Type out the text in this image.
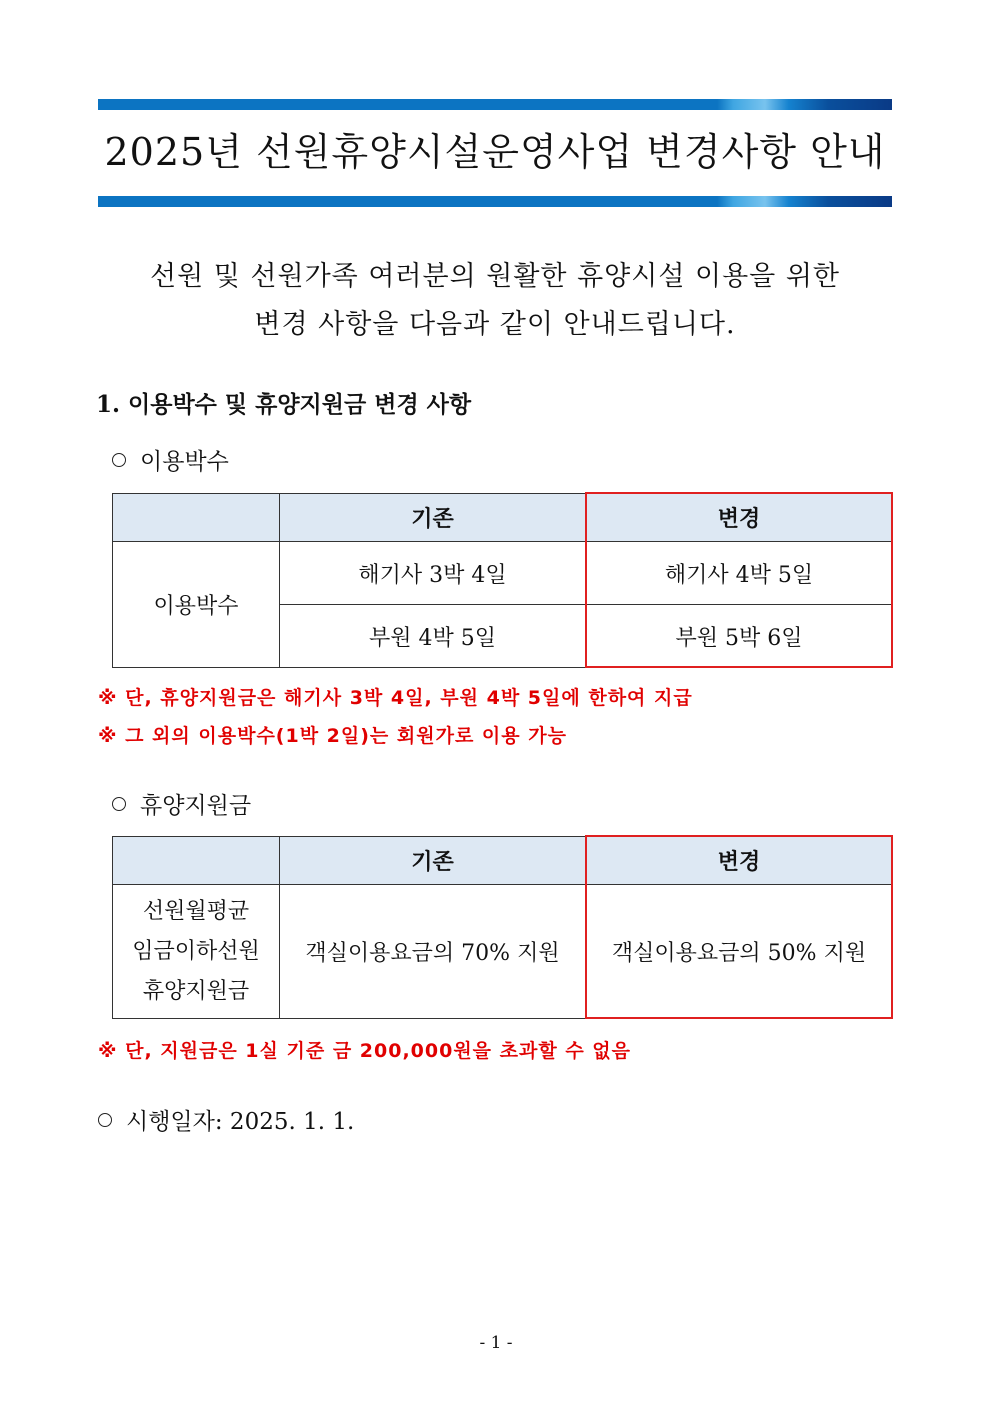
2025년 선원휴양시설운영사업 변경사항 안내
선원 및 선원가족 여러분의 원활한 휴양시설 이용을 위한
변경 사항을 다음과 같이 안내드립니다.
1. 이용박수 및 휴양지원금 변경 사항

이용박수

	기존	변경
이용박수	해기사 3박 4일	해기사 4박 5일
	부원 4박 5일	부원 5박 6일

※ 단, 휴양지원금은 해기사 3박 4일, 부원 4박 5일에 한하여 지급

※ 그 외의 이용박수(1박 2일)는 회원가로 이용 가능

휴양지원금

	기존	변경

선원월평균
임금이하선원
휴양지원금	객실이용요금의 70% 지원	객실이용요금의 50% 지원

※ 단, 지원금은 1실 기준 금 200,000원을 초과할 수 없음

시행일자: 2025. 1. 1.

- 1 -
